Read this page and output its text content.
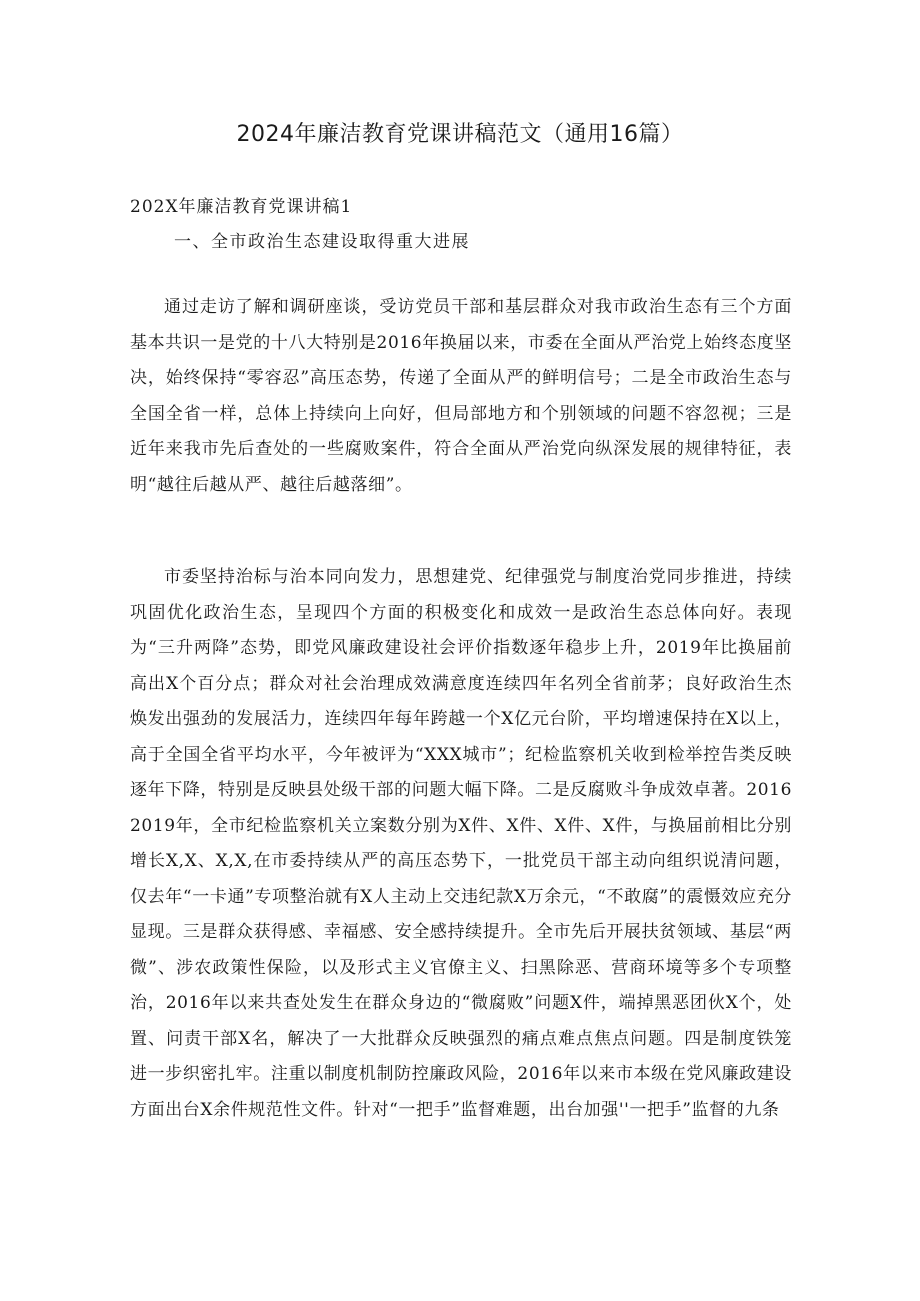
2024年廉洁教育党课讲稿范文（通用16篇）
202X年廉洁教育党课讲稿1
一、全市政治生态建设取得重大进展

通过走访了解和调研座谈，受访党员干部和基层群众对我市政治生态有三个方面基本共识一是党的十八大特别是2016年换届以来，市委在全面从严治党上始终态度坚决，始终保持“零容忍”高压态势，传递了全面从严的鲜明信号；二是全市政治生态与全国全省一样，总体上持续向上向好，但局部地方和个别领域的问题不容忽视；三是近年来我市先后查处的一些腐败案件，符合全面从严治党向纵深发展的规律特征，表明“越往后越从严、越往后越落细”。

市委坚持治标与治本同向发力，思想建党、纪律强党与制度治党同步推进，持续巩固优化政治生态，呈现四个方面的积极变化和成效一是政治生态总体向好。表现为“三升两降”态势，即党风廉政建设社会评价指数逐年稳步上升，2019年比换届前高出X个百分点；群众对社会治理成效满意度连续四年名列全省前茅；良好政治生杰焕发出强劲的发展活力，连续四年每年跨越一个X亿元台阶，平均增速保持在X以上，高于全国全省平均水平，今年被评为“XXX城市”；纪检监察机关收到检举控告类反映逐年下降，特别是反映县处级干部的问题大幅下降。二是反腐败斗争成效卓著。20162019年，全市纪检监察机关立案数分别为X件、X件、X件、X件，与换届前相比分别增长X,X、X,X,在市委持续从严的高压态势下，一批党员干部主动向组织说清问题，仅去年“一卡通”专项整治就有X人主动上交违纪款X万余元，“不敢腐”的震慑效应充分显现。三是群众获得感、幸福感、安全感持续提升。全市先后开展扶贫领域、基层“两微”、涉农政策性保险，以及形式主义官僚主义、扫黑除恶、营商环境等多个专项整治，2016年以来共查处发生在群众身边的“微腐败”问题X件，端掉黑恶团伙X个，处置、问责干部X名，解决了一大批群众反映强烈的痛点难点焦点问题。四是制度铁笼进一步织密扎牢。注重以制度机制防控廉政风险，2016年以来市本级在党风廉政建设方面出台X余件规范性文件。针对“一把手”监督难题，出台加强''一把手”监督的九条
